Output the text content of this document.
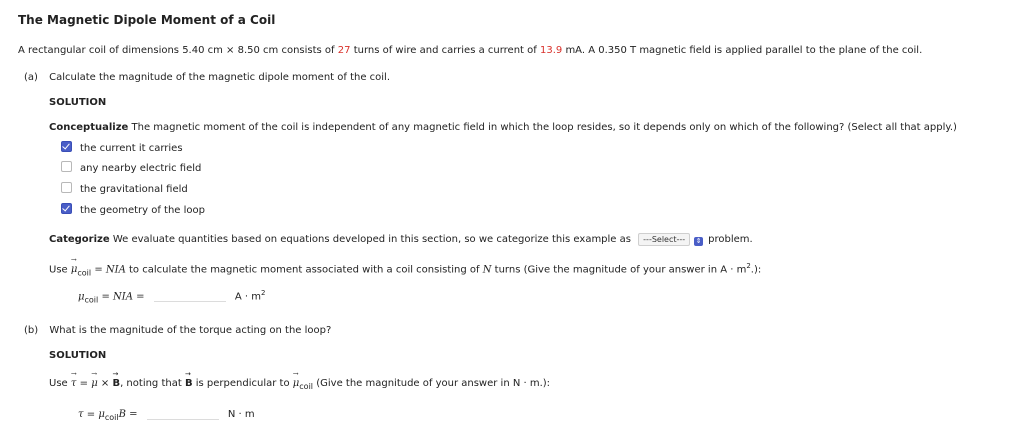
The Magnetic Dipole Moment of a Coil
A rectangular coil of dimensions 5.40 cm × 8.50 cm consists of 27 turns of wire and carries a current of 13.9 mA. A 0.350 T magnetic field is applied parallel to the plane of the coil.
(a) Calculate the magnitude of the magnetic dipole moment of the coil.
SOLUTION
Conceptualize The magnetic moment of the coil is independent of any magnetic field in which the loop resides, so it depends only on which of the following? (Select all that apply.)
the current it carries
any nearby electric field
the gravitational field
the geometry of the loop
Categorize We evaluate quantities based on equations developed in this section, so we categorize this example as ---Select--- ⇕ problem.
Use → $\mu_{coil}$ = NIA to calculate the magnetic moment associated with a coil consisting of N turns (Give the magnitude of your answer in $A \cdot m^2$.):
$\mu_{coil}$ = NIA =	$A \cdot m^2$
(b) What is the magnitude of the torque acting on the loop?
SOLUTION
Use → τ = → μ × → B, noting that → B is perpendicular to → $\mu_{coil}$ (Give the magnitude of your answer in N · m.):
$\tau = \mu_{coil}B$ =	N · m
